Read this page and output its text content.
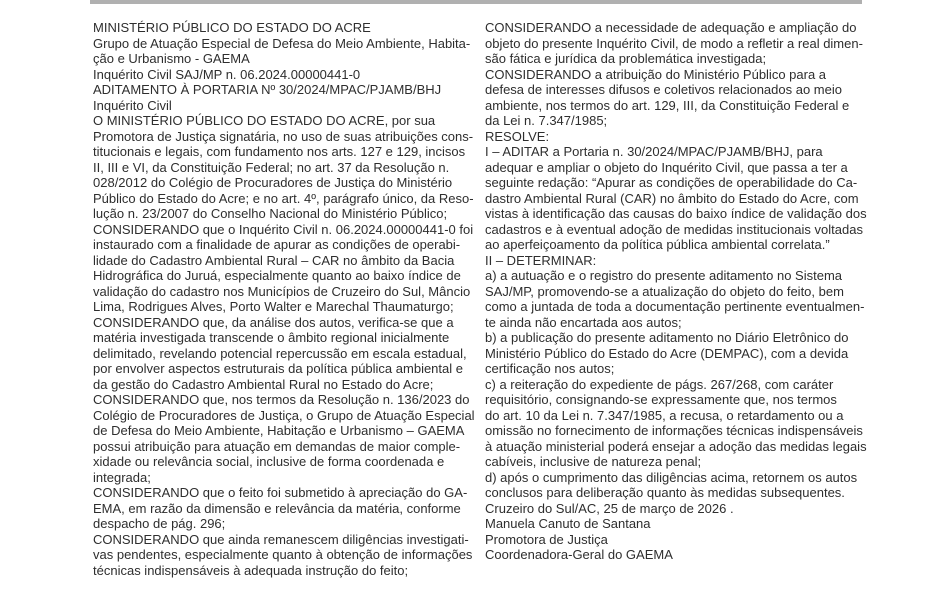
MINISTÉRIO PÚBLICO DO ESTADO DO ACRE
Grupo de Atuação Especial de Defesa do Meio Ambiente, Habita-
ção e Urbanismo - GAEMA
Inquérito Civil SAJ/MP n. 06.2024.00000441-0
ADITAMENTO À PORTARIA Nº 30/2024/MPAC/PJAMB/BHJ
Inquérito Civil
O MINISTÉRIO PÚBLICO DO ESTADO DO ACRE, por sua
Promotora de Justiça signatária, no uso de suas atribuições cons-
titucionais e legais, com fundamento nos arts. 127 e 129, incisos
II, III e VI, da Constituição Federal; no art. 37 da Resolução n.
028/2012 do Colégio de Procuradores de Justiça do Ministério
Público do Estado do Acre; e no art. 4º, parágrafo único, da Reso-
lução n. 23/2007 do Conselho Nacional do Ministério Público;
CONSIDERANDO que o Inquérito Civil n. 06.2024.00000441-0 foi
instaurado com a finalidade de apurar as condições de operabi-
lidade do Cadastro Ambiental Rural – CAR no âmbito da Bacia
Hidrográfica do Juruá, especialmente quanto ao baixo índice de
validação do cadastro nos Municípios de Cruzeiro do Sul, Mâncio
Lima, Rodrigues Alves, Porto Walter e Marechal Thaumaturgo;
CONSIDERANDO que, da análise dos autos, verifica-se que a
matéria investigada transcende o âmbito regional inicialmente
delimitado, revelando potencial repercussão em escala estadual,
por envolver aspectos estruturais da política pública ambiental e
da gestão do Cadastro Ambiental Rural no Estado do Acre;
CONSIDERANDO que, nos termos da Resolução n. 136/2023 do
Colégio de Procuradores de Justiça, o Grupo de Atuação Especial
de Defesa do Meio Ambiente, Habitação e Urbanismo – GAEMA
possui atribuição para atuação em demandas de maior comple-
xidade ou relevância social, inclusive de forma coordenada e
integrada;
CONSIDERANDO que o feito foi submetido à apreciação do GA-
EMA, em razão da dimensão e relevância da matéria, conforme
despacho de pág. 296;
CONSIDERANDO que ainda remanescem diligências investigati-
vas pendentes, especialmente quanto à obtenção de informações
técnicas indispensáveis à adequada instrução do feito;
CONSIDERANDO a necessidade de adequação e ampliação do
objeto do presente Inquérito Civil, de modo a refletir a real dimen-
são fática e jurídica da problemática investigada;
CONSIDERANDO a atribuição do Ministério Público para a
defesa de interesses difusos e coletivos relacionados ao meio
ambiente, nos termos do art. 129, III, da Constituição Federal e
da Lei n. 7.347/1985;
RESOLVE:
I – ADITAR a Portaria n. 30/2024/MPAC/PJAMB/BHJ, para
adequar e ampliar o objeto do Inquérito Civil, que passa a ter a
seguinte redação: “Apurar as condições de operabilidade do Ca-
dastro Ambiental Rural (CAR) no âmbito do Estado do Acre, com
vistas à identificação das causas do baixo índice de validação dos
cadastros e à eventual adoção de medidas institucionais voltadas
ao aperfeiçoamento da política pública ambiental correlata.”
II – DETERMINAR:
a) a autuação e o registro do presente aditamento no Sistema
SAJ/MP, promovendo-se a atualização do objeto do feito, bem
como a juntada de toda a documentação pertinente eventualmen-
te ainda não encartada aos autos;
b) a publicação do presente aditamento no Diário Eletrônico do
Ministério Público do Estado do Acre (DEMPAC), com a devida
certificação nos autos;
c) a reiteração do expediente de págs. 267/268, com caráter
requisitório, consignando-se expressamente que, nos termos
do art. 10 da Lei n. 7.347/1985, a recusa, o retardamento ou a
omissão no fornecimento de informações técnicas indispensáveis
à atuação ministerial poderá ensejar a adoção das medidas legais
cabíveis, inclusive de natureza penal;
d) após o cumprimento das diligências acima, retornem os autos
conclusos para deliberação quanto às medidas subsequentes.
Cruzeiro do Sul/AC, 25 de março de 2026 .
Manuela Canuto de Santana
Promotora de Justiça
Coordenadora-Geral do GAEMA
